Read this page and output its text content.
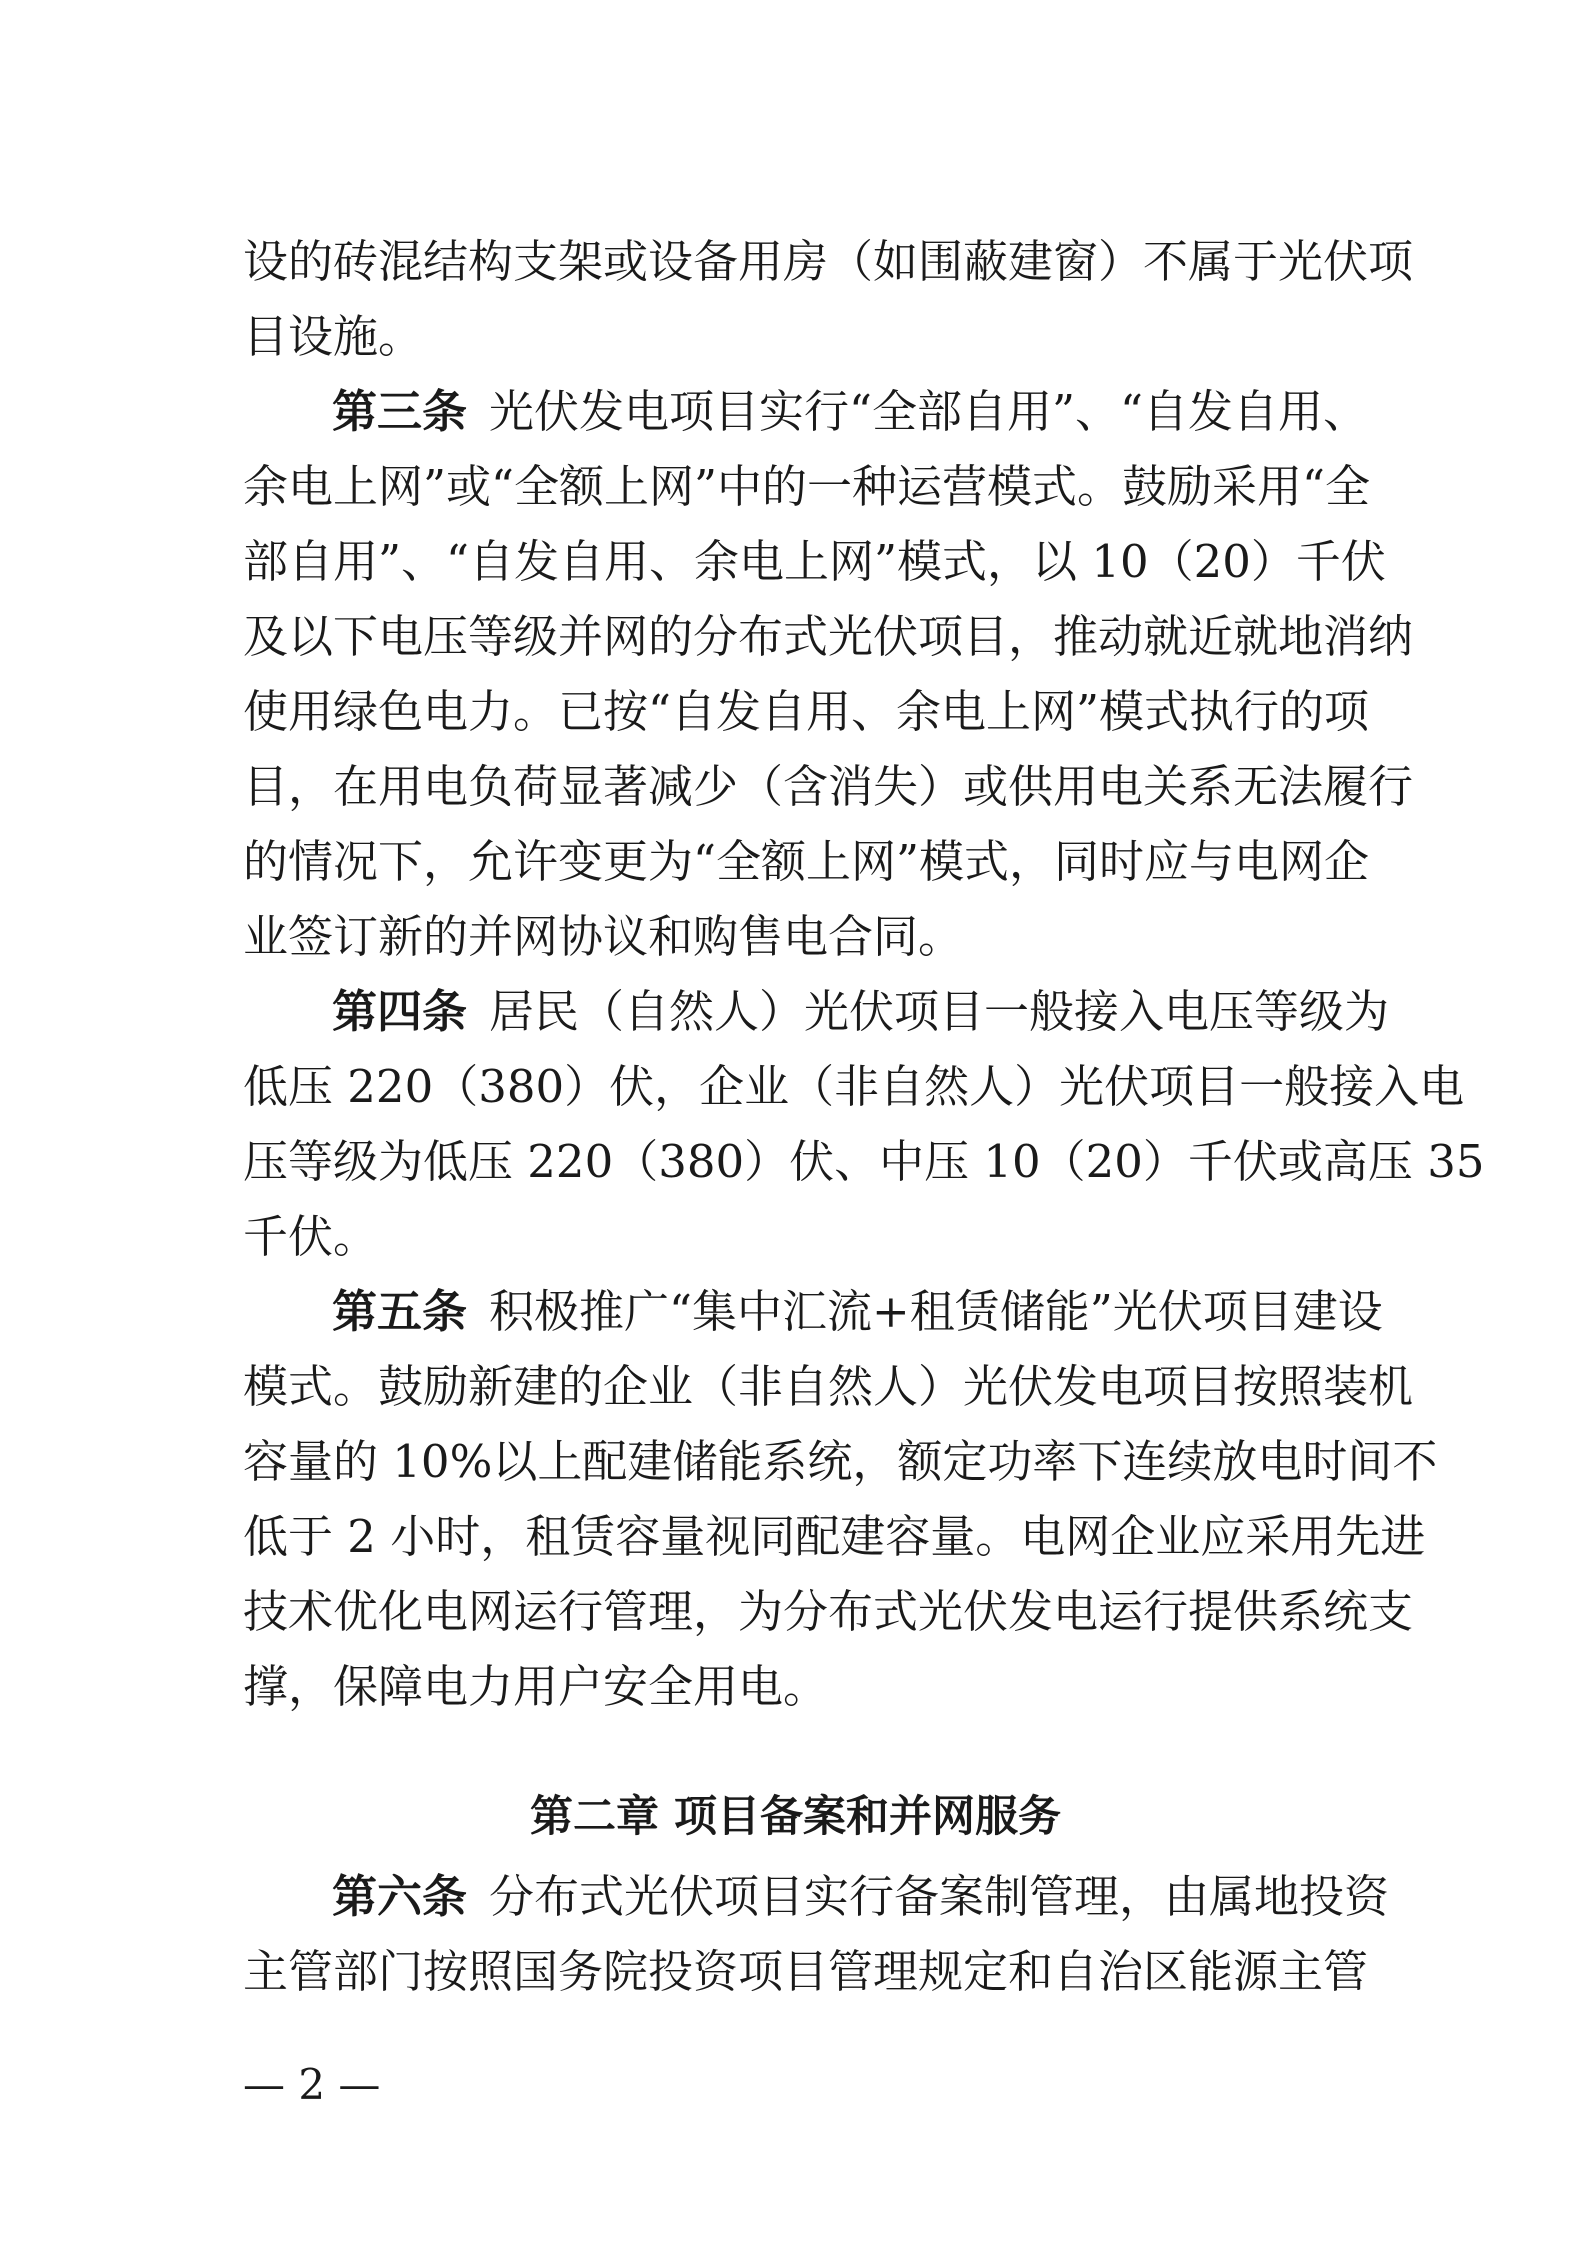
设的砖混结构支架或设备用房（如围蔽建窗）不属于光伏项
目设施。
第三条 光伏发电项目实行“全部自用”、“自发自用、
余电上网”或“全额上网”中的一种运营模式。鼓励采用“全
部自用”、“自发自用、余电上网”模式，以 10（20）千伏
及以下电压等级并网的分布式光伏项目，推动就近就地消纳
使用绿色电力。已按“自发自用、余电上网”模式执行的项
目，在用电负荷显著减少（含消失）或供用电关系无法履行
的情况下，允许变更为“全额上网”模式，同时应与电网企
业签订新的并网协议和购售电合同。
第四条 居民（自然人）光伏项目一般接入电压等级为
低压 220（380）伏，企业（非自然人）光伏项目一般接入电
压等级为低压 220（380）伏、中压 10（20）千伏或高压 35
千伏。
第五条 积极推广“集中汇流+租赁储能”光伏项目建设
模式。鼓励新建的企业（非自然人）光伏发电项目按照装机
容量的 10%以上配建储能系统，额定功率下连续放电时间不
低于 2 小时，租赁容量视同配建容量。电网企业应采用先进
技术优化电网运行管理，为分布式光伏发电运行提供系统支
撑，保障电力用户安全用电。
第二章 项目备案和并网服务
第六条 分布式光伏项目实行备案制管理，由属地投资
主管部门按照国务院投资项目管理规定和自治区能源主管
— 2 —
